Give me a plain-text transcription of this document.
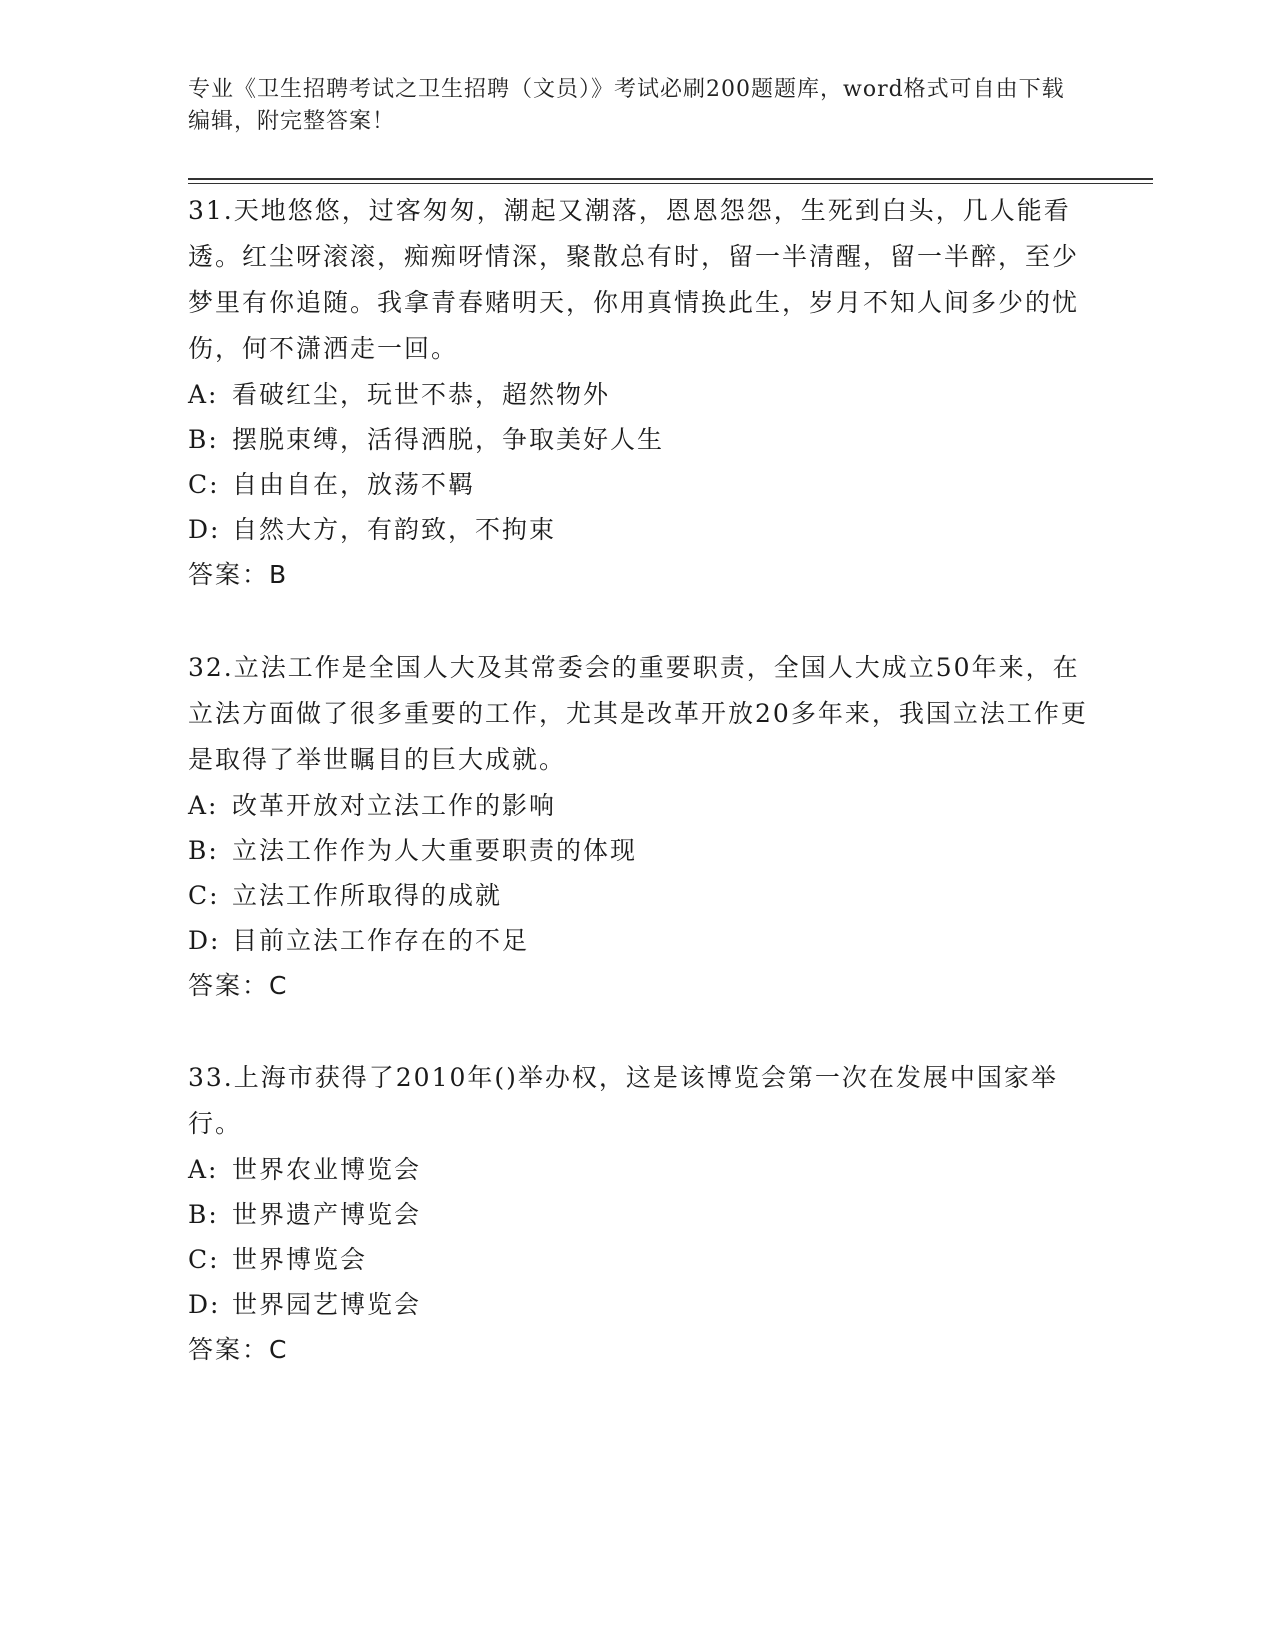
专业《卫生招聘考试之卫生招聘（文员）》考试必刷200题题库，word格式可自由下载编辑，附完整答案！

31.天地悠悠，过客匆匆，潮起又潮落，恩恩怨怨，生死到白头，几人能看透。红尘呀滚滚，痴痴呀情深，聚散总有时，留一半清醒，留一半醉，至少梦里有你追随。我拿青春赌明天，你用真情换此生，岁月不知人间多少的忧伤，何不潇洒走一回。

A: 看破红尘，玩世不恭，超然物外

B: 摆脱束缚，活得洒脱，争取美好人生

C: 自由自在，放荡不羁

D: 自然大方，有韵致，不拘束

答案：B

32.立法工作是全国人大及其常委会的重要职责，全国人大成立50年来，在立法方面做了很多重要的工作，尤其是改革开放20多年来，我国立法工作更是取得了举世瞩目的巨大成就。

A: 改革开放对立法工作的影响

B: 立法工作作为人大重要职责的体现

C: 立法工作所取得的成就

D: 目前立法工作存在的不足

答案：C

33.上海市获得了2010年()举办权，这是该博览会第一次在发展中国家举行。

A: 世界农业博览会

B: 世界遗产博览会

C: 世界博览会

D: 世界园艺博览会

答案：C
